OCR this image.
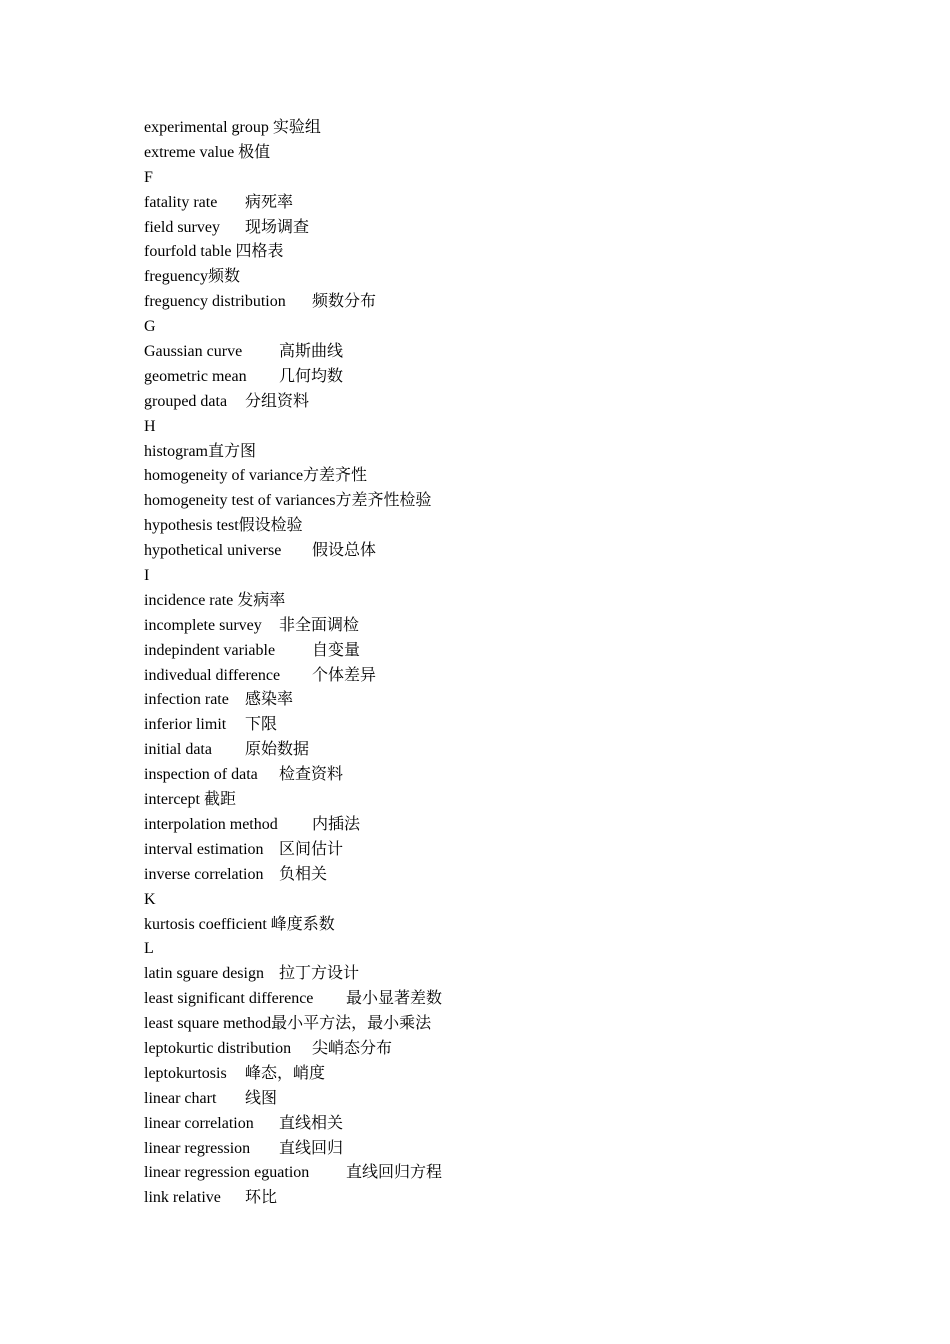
experimental group 实验组
extreme value 极值
F
fatality rate 病死率
field survey 现场调查
fourfold table 四格表
freguency 频数
freguency distribution 频数分布
G
Gaussian curve 高斯曲线
geometric mean 几何均数
grouped data 分组资料
H
histogram 直方图
homogeneity of variance 方差齐性
homogeneity test of variances 方差齐性检验
hypothesis test 假设检验
hypothetical universe 假设总体
I
incidence rate 发病率
incomplete survey 非全面调检
indepindent variable 自变量
indivedual difference 个体差异
infection rate 感染率
inferior limit 下限
initial data 原始数据
inspection of data 检查资料
intercept 截距
interpolation method 内插法
interval estimation 区间估计
inverse correlation 负相关
K
kurtosis coefficient 峰度系数
L
latin sguare design 拉丁方设计
least significant difference 最小显著差数
least square method 最小平方法，最小乘法
leptokurtic distribution 尖峭态分布
leptokurtosis 峰态，峭度
linear chart 线图
linear correlation 直线相关
linear regression 直线回归
linear regression eguation 直线回归方程
link relative 环比
